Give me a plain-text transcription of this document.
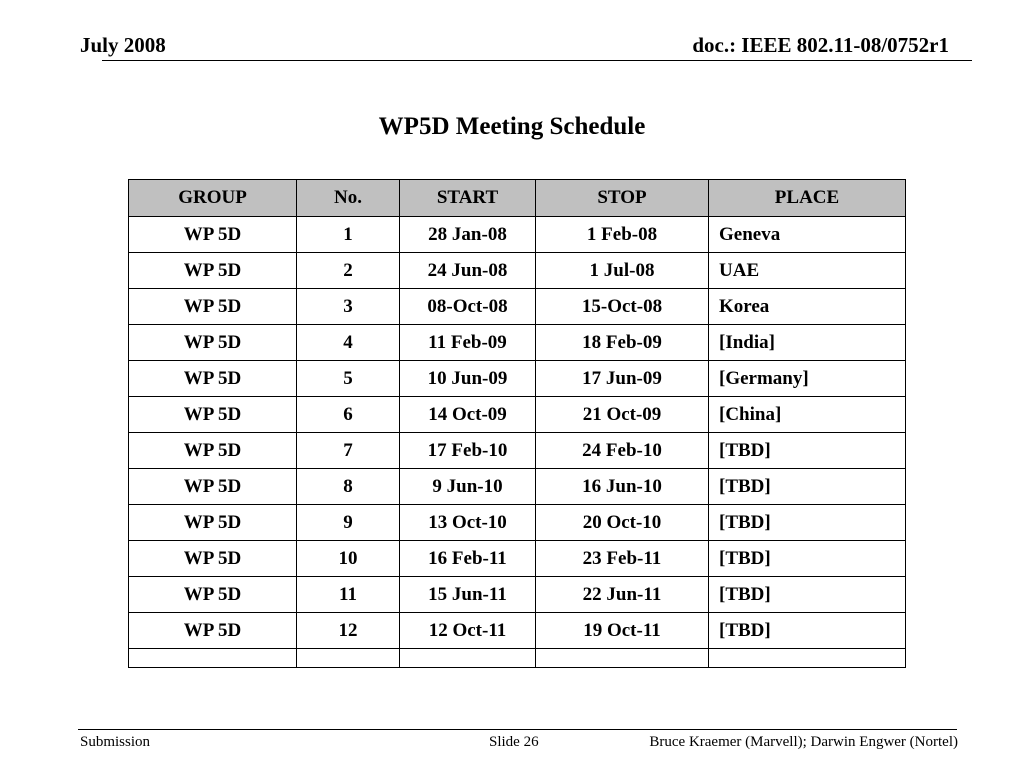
July 2008	doc.: IEEE 802.11-08/0752r1
WP5D Meeting Schedule
GROUP	No.	START	STOP	PLACE
WP 5D	1	28 Jan-08	1 Feb-08	Geneva
WP 5D	2	24 Jun-08	1 Jul-08	UAE
WP 5D	3	08-Oct-08	15-Oct-08	Korea
WP 5D	4	11 Feb-09	18 Feb-09	[India]
WP 5D	5	10 Jun-09	17 Jun-09	[Germany]
WP 5D	6	14 Oct-09	21 Oct-09	[China]
WP 5D	7	17 Feb-10	24 Feb-10	[TBD]
WP 5D	8	9 Jun-10	16 Jun-10	[TBD]
WP 5D	9	13 Oct-10	20 Oct-10	[TBD]
WP 5D	10	16 Feb-11	23 Feb-11	[TBD]
WP 5D	11	15 Jun-11	22 Jun-11	[TBD]
WP 5D	12	12 Oct-11	19 Oct-11	[TBD]

Submission	Slide 26	Bruce Kraemer (Marvell); Darwin Engwer (Nortel)
